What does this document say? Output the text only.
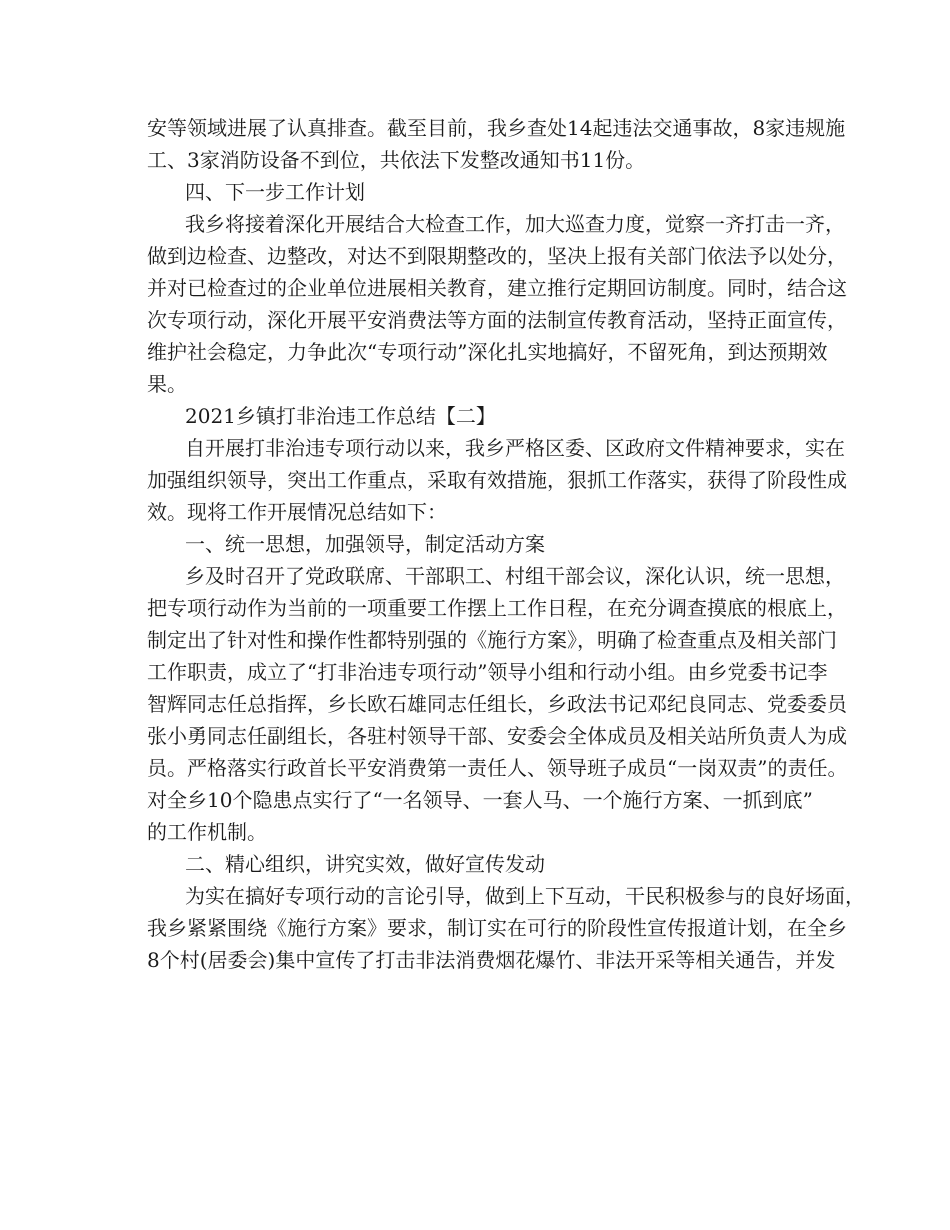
安等领域进展了认真排查。截至目前，我乡查处14起违法交通事故，8家违规施
工、3家消防设备不到位，共依法下发整改通知书11份。
四、下一步工作计划
我乡将接着深化开展结合大检查工作，加大巡查力度，觉察一齐打击一齐，
做到边检查、边整改，对达不到限期整改的，坚决上报有关部门依法予以处分，
并对已检查过的企业单位进展相关教育，建立推行定期回访制度。同时，结合这
次专项行动，深化开展平安消费法等方面的法制宣传教育活动，坚持正面宣传，
维护社会稳定，力争此次“专项行动”深化扎实地搞好，不留死角，到达预期效
果。
2021乡镇打非治违工作总结【二】
自开展打非治违专项行动以来，我乡严格区委、区政府文件精神要求，实在
加强组织领导，突出工作重点，采取有效措施，狠抓工作落实，获得了阶段性成
效。现将工作开展情况总结如下：
一、统一思想，加强领导，制定活动方案
乡及时召开了党政联席、干部职工、村组干部会议，深化认识，统一思想，
把专项行动作为当前的一项重要工作摆上工作日程，在充分调查摸底的根底上，
制定出了针对性和操作性都特别强的《施行方案》，明确了检查重点及相关部门
工作职责，成立了“打非治违专项行动”领导小组和行动小组。由乡党委书记李
智辉同志任总指挥，乡长欧石雄同志任组长，乡政法书记邓纪良同志、党委委员
张小勇同志任副组长，各驻村领导干部、安委会全体成员及相关站所负责人为成
员。严格落实行政首长平安消费第一责任人、领导班子成员“一岗双责”的责任。
对全乡10个隐患点实行了“一名领导、一套人马、一个施行方案、一抓到底”
的工作机制。
二、精心组织，讲究实效，做好宣传发动
为实在搞好专项行动的言论引导，做到上下互动，干民积极参与的良好场面，
我乡紧紧围绕《施行方案》要求，制订实在可行的阶段性宣传报道计划，在全乡
8个村(居委会)集中宣传了打击非法消费烟花爆竹、非法开采等相关通告，并发
